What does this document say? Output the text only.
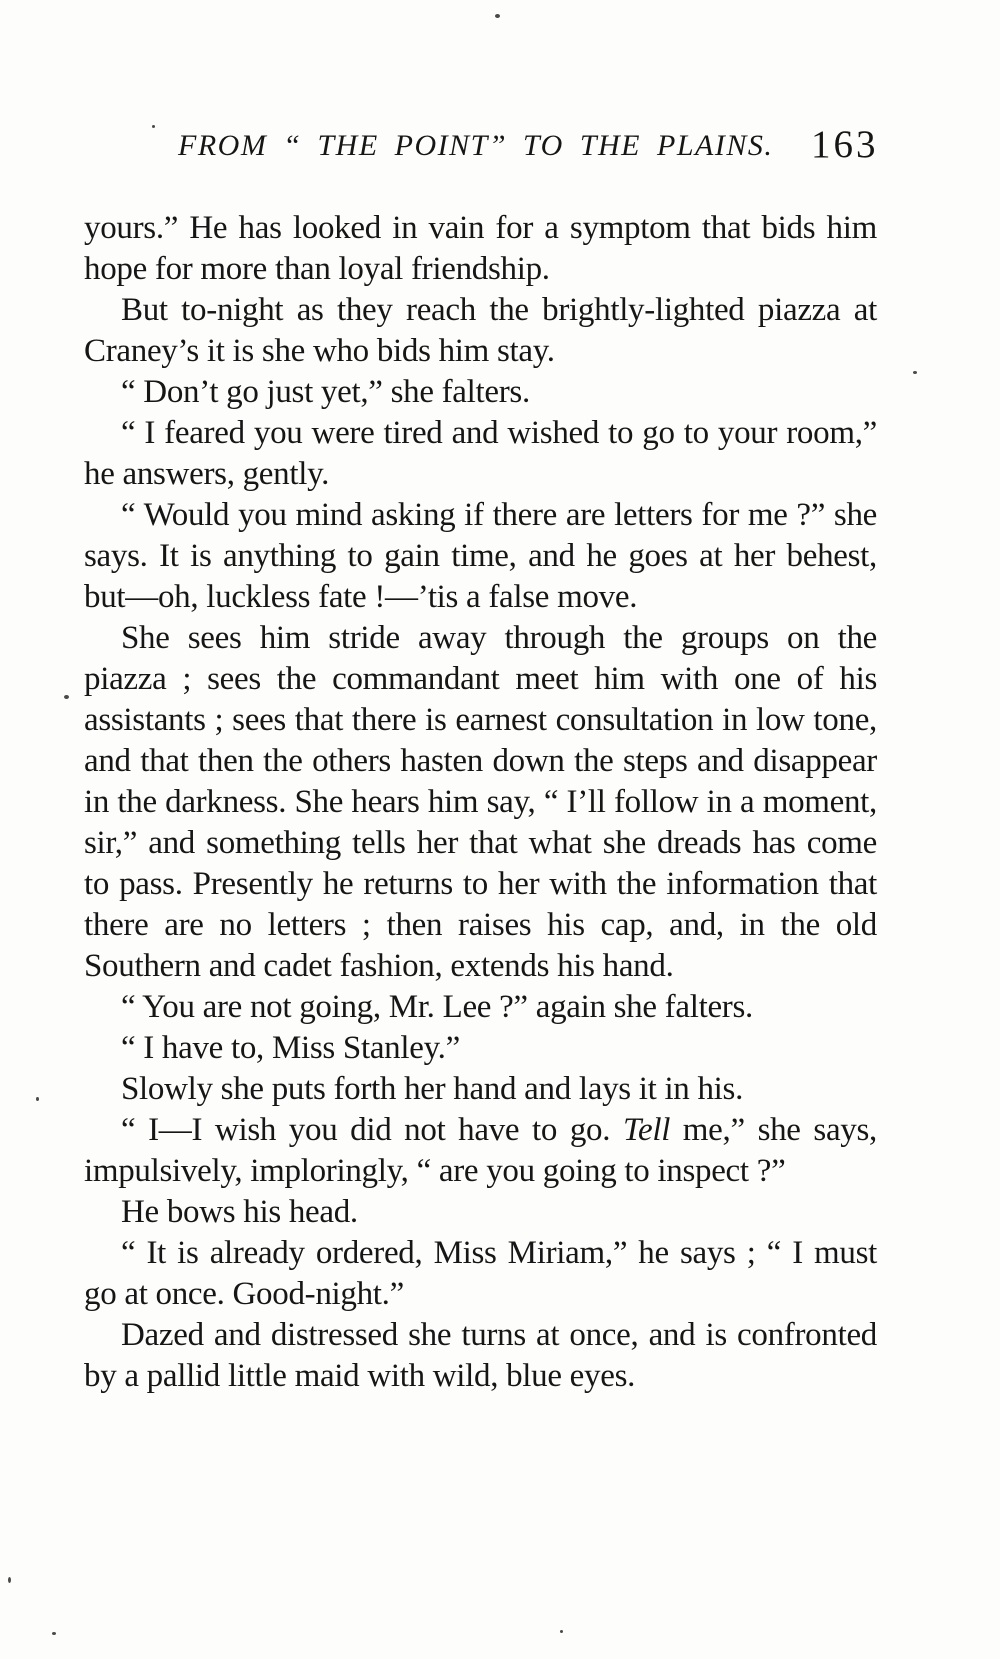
FROM “ THE POINT” TO THE PLAINS. 163

yours.” He has looked in vain for a symptom that bids him hope for more than loyal friendship.

But to-night as they reach the brightly-lighted piazza at Craney’s it is she who bids him stay.

“ Don’t go just yet,” she falters.

“ I feared you were tired and wished to go to your room,” he answers, gently.

“ Would you mind asking if there are letters for me ?” she says. It is anything to gain time, and he goes at her behest, but—oh, luckless fate !—’tis a false move.

She sees him stride away through the groups on the piazza ; sees the commandant meet him with one of his assistants ; sees that there is earnest consultation in low tone, and that then the others hasten down the steps and disappear in the darkness. She hears him say, “ I’ll follow in a moment, sir,” and something tells her that what she dreads has come to pass. Presently he returns to her with the information that there are no letters ; then raises his cap, and, in the old Southern and cadet fashion, extends his hand.

“ You are not going, Mr. Lee ?” again she falters.

“ I have to, Miss Stanley.”

Slowly she puts forth her hand and lays it in his.

“ I—I wish you did not have to go. Tell me,” she says, impulsively, imploringly, “ are you going to inspect ?”

He bows his head.

“ It is already ordered, Miss Miriam,” he says ; “ I must go at once. Good-night.”

Dazed and distressed she turns at once, and is confronted by a pallid little maid with wild, blue eyes.
